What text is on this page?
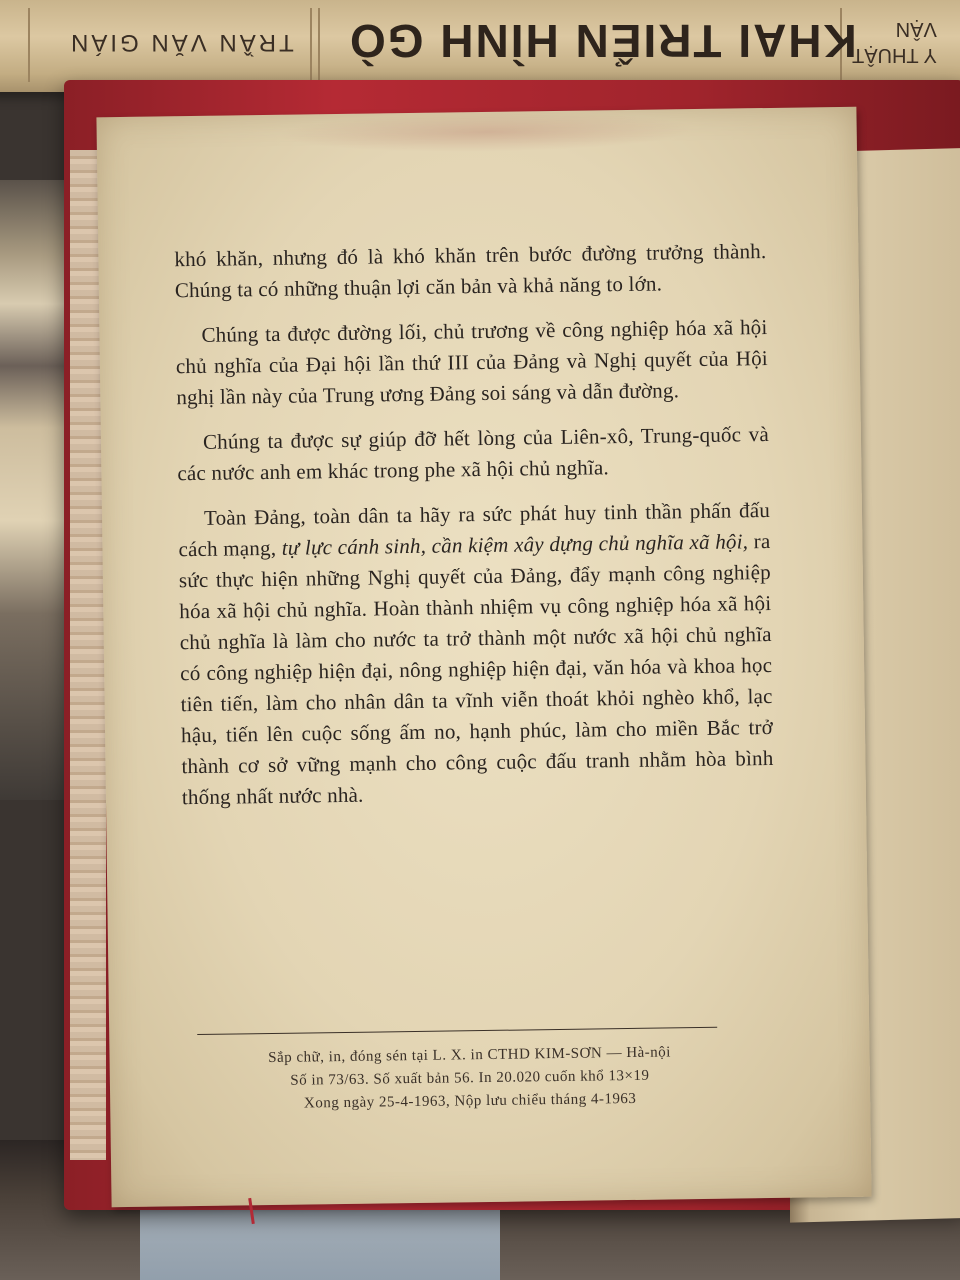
TRẦN VĂN GIÁN KHAI TRIỂN HÌNH GÒ
Y THUẬT
VẬN

khó khăn, nhưng đó là khó khăn trên bước đường trưởng thành. Chúng ta có những thuận lợi căn bản và khả năng to lớn.

Chúng ta được đường lối, chủ trương về công nghiệp hóa xã hội chủ nghĩa của Đại hội lần thứ III của Đảng và Nghị quyết của Hội nghị lần này của Trung ương Đảng soi sáng và dẫn đường.

Chúng ta được sự giúp đỡ hết lòng của Liên-xô, Trung-quốc và các nước anh em khác trong phe xã hội chủ nghĩa.

Toàn Đảng, toàn dân ta hãy ra sức phát huy tinh thần phấn đấu cách mạng, tự lực cánh sinh, cần kiệm xây dựng chủ nghĩa xã hội, ra sức thực hiện những Nghị quyết của Đảng, đẩy mạnh công nghiệp hóa xã hội chủ nghĩa. Hoàn thành nhiệm vụ công nghiệp hóa xã hội chủ nghĩa là làm cho nước ta trở thành một nước xã hội chủ nghĩa có công nghiệp hiện đại, nông nghiệp hiện đại, văn hóa và khoa học tiên tiến, làm cho nhân dân ta vĩnh viễn thoát khỏi nghèo khổ, lạc hậu, tiến lên cuộc sống ấm no, hạnh phúc, làm cho miền Bắc trở thành cơ sở vững mạnh cho công cuộc đấu tranh nhằm hòa bình thống nhất nước nhà.

Sắp chữ, in, đóng sén tại L. X. in CTHD KIM-SƠN — Hà-nội
Số in 73/63. Số xuất bản 56. In 20.020 cuốn khổ 13×19
Xong ngày 25-4-1963, Nộp lưu chiểu tháng 4-1963
